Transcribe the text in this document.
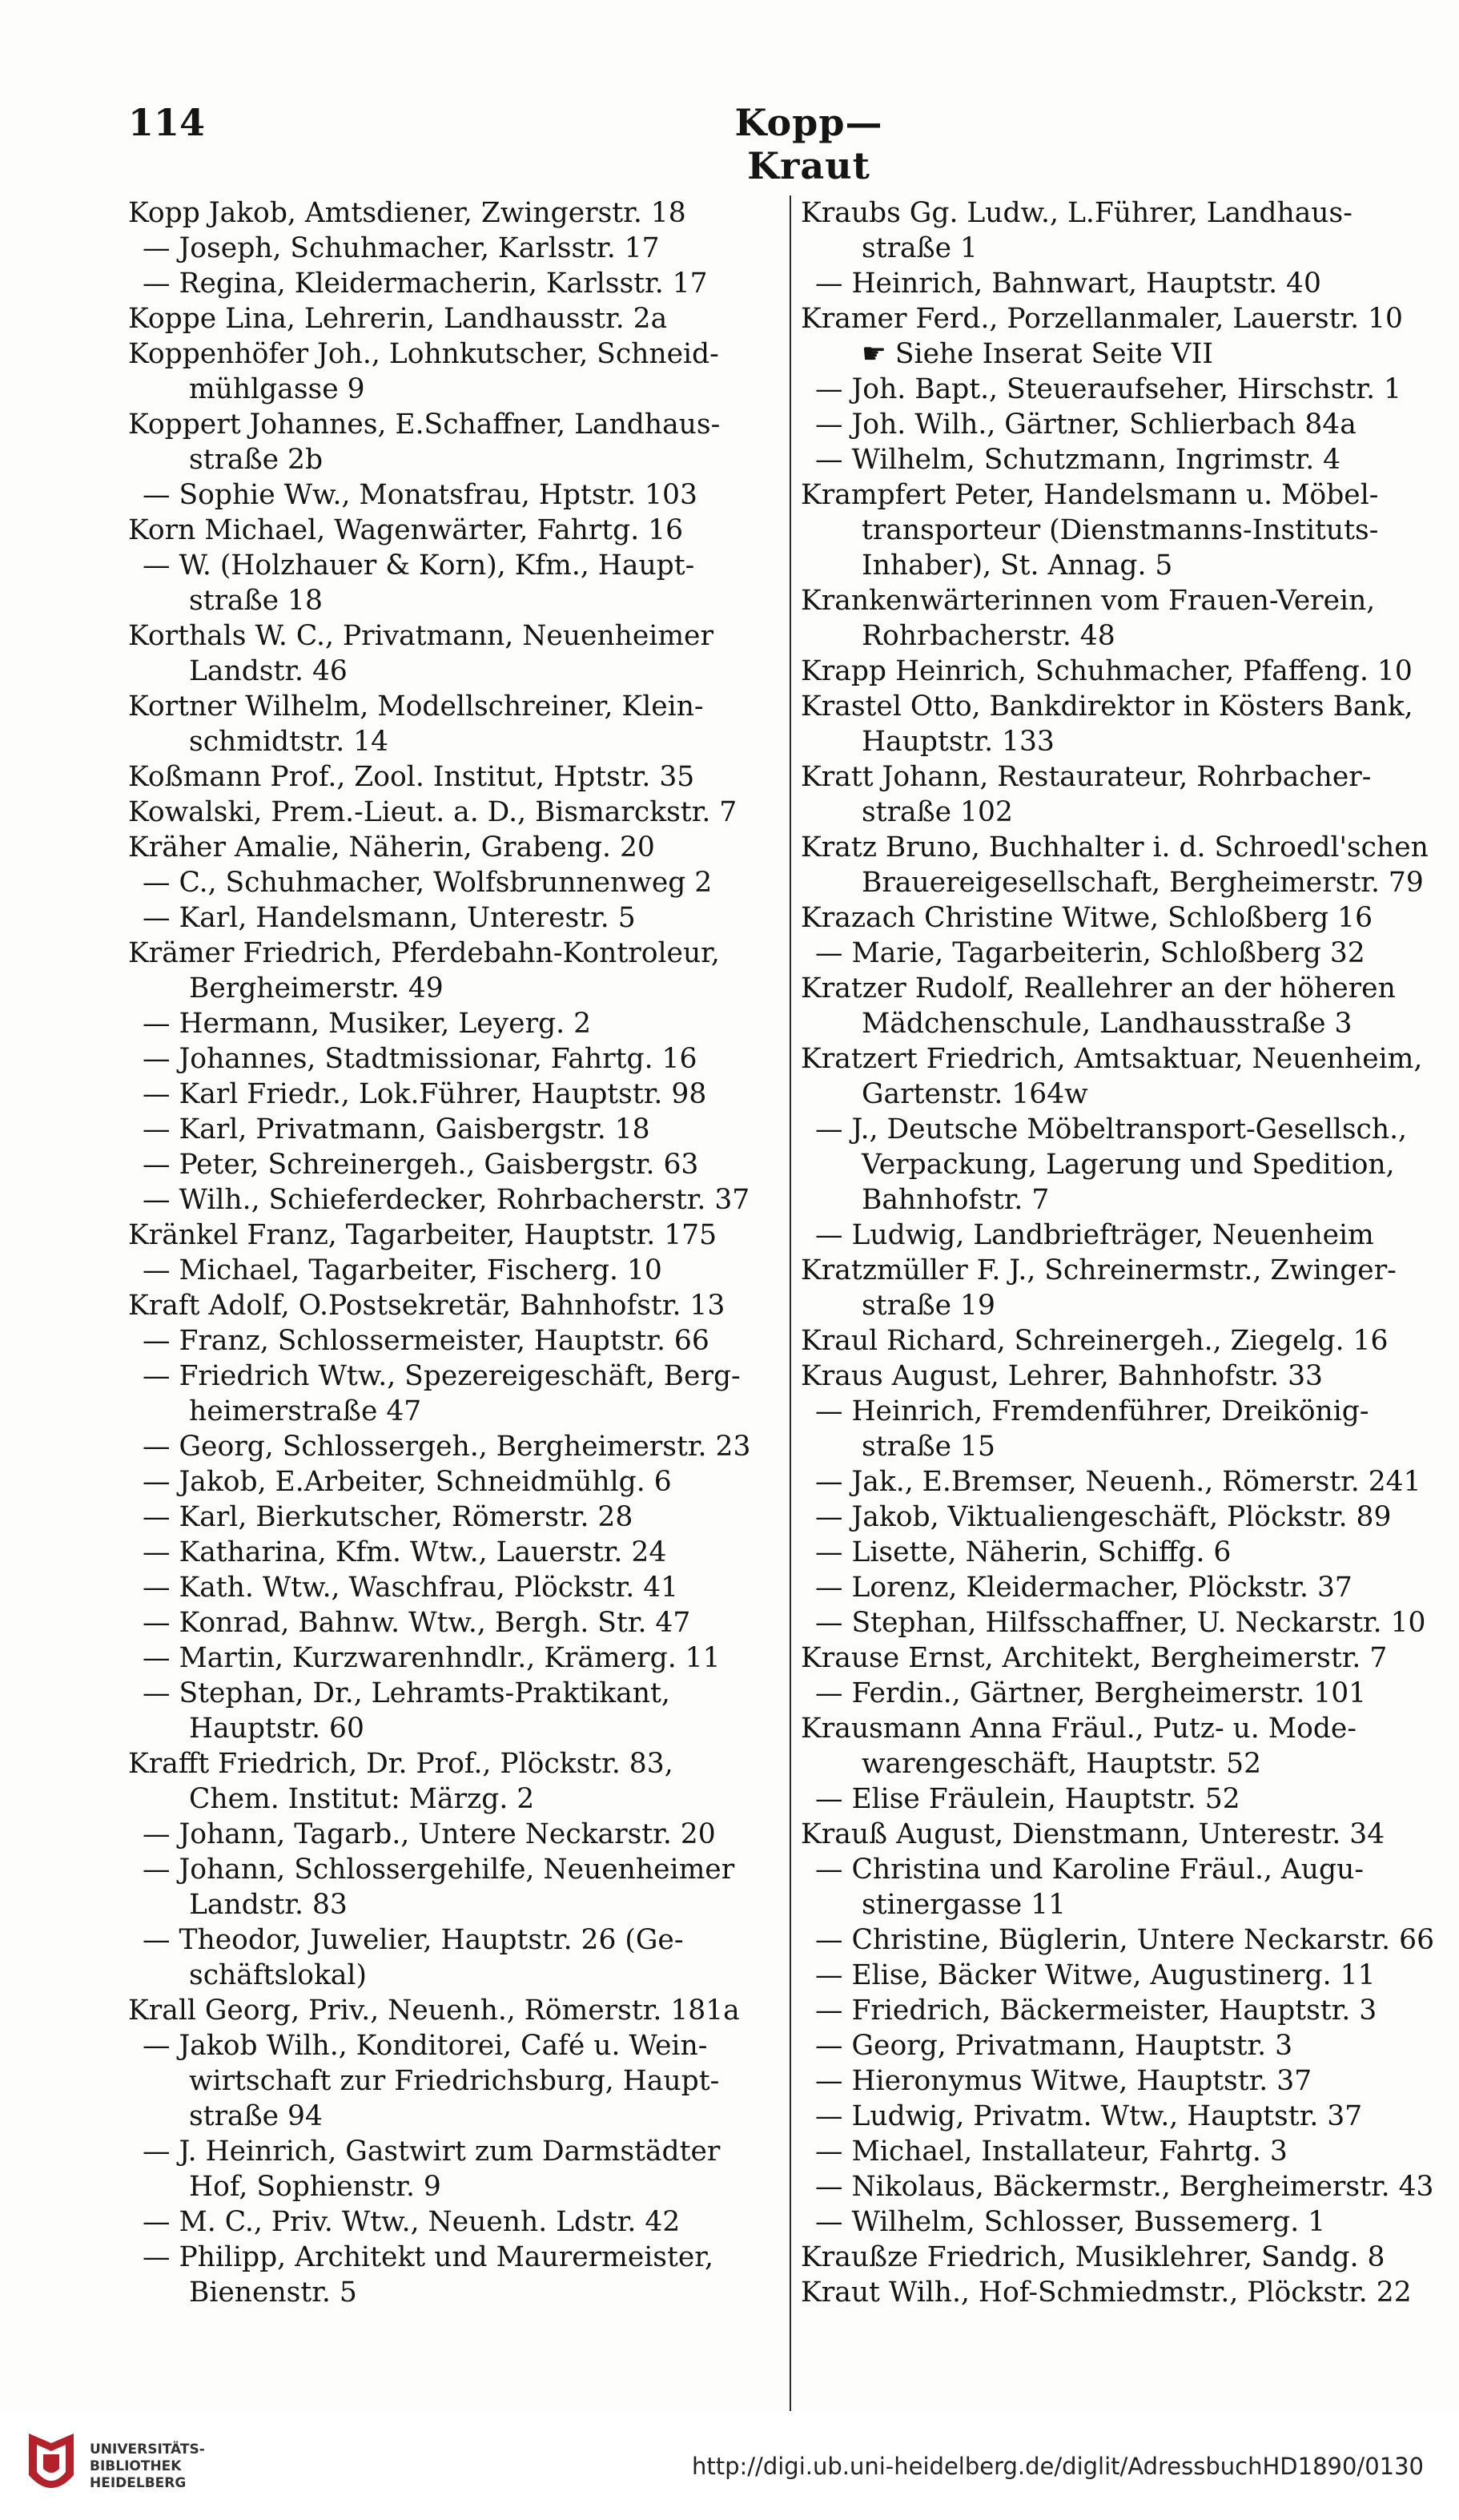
114	Kopp—Kraut
Kopp Jakob, Amtsdiener, Zwingerstr. 18
— Joseph, Schuhmacher, Karlsstr. 17
— Regina, Kleidermacherin, Karlsstr. 17
Koppe Lina, Lehrerin, Landhausstr. 2a
Koppenhöfer Joh., Lohnkutscher, Schneid-
mühlgasse 9
Koppert Johannes, E.Schaffner, Landhaus-
straße 2b
— Sophie Ww., Monatsfrau, Hptstr. 103
Korn Michael, Wagenwärter, Fahrtg. 16
— W. (Holzhauer & Korn), Kfm., Haupt-
straße 18
Korthals W. C., Privatmann, Neuenheimer
Landstr. 46
Kortner Wilhelm, Modellschreiner, Klein-
schmidtstr. 14
Koßmann Prof., Zool. Institut, Hptstr. 35
Kowalski, Prem.-Lieut. a. D., Bismarckstr. 7
Kräher Amalie, Näherin, Grabeng. 20
— C., Schuhmacher, Wolfsbrunnenweg 2
— Karl, Handelsmann, Unterestr. 5
Krämer Friedrich, Pferdebahn-Kontroleur,
Bergheimerstr. 49
— Hermann, Musiker, Leyerg. 2
— Johannes, Stadtmissionar, Fahrtg. 16
— Karl Friedr., Lok.Führer, Hauptstr. 98
— Karl, Privatmann, Gaisbergstr. 18
— Peter, Schreinergeh., Gaisbergstr. 63
— Wilh., Schieferdecker, Rohrbacherstr. 37
Kränkel Franz, Tagarbeiter, Hauptstr. 175
— Michael, Tagarbeiter, Fischerg. 10
Kraft Adolf, O.Postsekretär, Bahnhofstr. 13
— Franz, Schlossermeister, Hauptstr. 66
— Friedrich Wtw., Spezereigeschäft, Berg-
heimerstraße 47
— Georg, Schlossergeh., Bergheimerstr. 23
— Jakob, E.Arbeiter, Schneidmühlg. 6
— Karl, Bierkutscher, Römerstr. 28
— Katharina, Kfm. Wtw., Lauerstr. 24
— Kath. Wtw., Waschfrau, Plöckstr. 41
— Konrad, Bahnw. Wtw., Bergh. Str. 47
— Martin, Kurzwarenhndlr., Krämerg. 11
— Stephan, Dr., Lehramts-Praktikant,
Hauptstr. 60
Krafft Friedrich, Dr. Prof., Plöckstr. 83,
Chem. Institut: Märzg. 2
— Johann, Tagarb., Untere Neckarstr. 20
— Johann, Schlossergehilfe, Neuenheimer
Landstr. 83
— Theodor, Juwelier, Hauptstr. 26 (Ge-
schäftslokal)
Krall Georg, Priv., Neuenh., Römerstr. 181a
— Jakob Wilh., Konditorei, Café u. Wein-
wirtschaft zur Friedrichsburg, Haupt-
straße 94
— J. Heinrich, Gastwirt zum Darmstädter
Hof, Sophienstr. 9
— M. C., Priv. Wtw., Neuenh. Ldstr. 42
— Philipp, Architekt und Maurermeister,
Bienenstr. 5
Kraubs Gg. Ludw., L.Führer, Landhaus-
straße 1
— Heinrich, Bahnwart, Hauptstr. 40
Kramer Ferd., Porzellanmaler, Lauerstr. 10
☛ Siehe Inserat Seite VII
— Joh. Bapt., Steueraufseher, Hirschstr. 1
— Joh. Wilh., Gärtner, Schlierbach 84a
— Wilhelm, Schutzmann, Ingrimstr. 4
Krampfert Peter, Handelsmann u. Möbel-
transporteur (Dienstmanns-Instituts-
Inhaber), St. Annag. 5
Krankenwärterinnen vom Frauen-Verein,
Rohrbacherstr. 48
Krapp Heinrich, Schuhmacher, Pfaffeng. 10
Krastel Otto, Bankdirektor in Kösters Bank,
Hauptstr. 133
Kratt Johann, Restaurateur, Rohrbacher-
straße 102
Kratz Bruno, Buchhalter i. d. Schroedl'schen
Brauereigesellschaft, Bergheimerstr. 79
Krazach Christine Witwe, Schloßberg 16
— Marie, Tagarbeiterin, Schloßberg 32
Kratzer Rudolf, Reallehrer an der höheren
Mädchenschule, Landhausstraße 3
Kratzert Friedrich, Amtsaktuar, Neuenheim,
Gartenstr. 164w
— J., Deutsche Möbeltransport-Gesellsch.,
Verpackung, Lagerung und Spedition,
Bahnhofstr. 7
— Ludwig, Landbriefträger, Neuenheim
Kratzmüller F. J., Schreinermstr., Zwinger-
straße 19
Kraul Richard, Schreinergeh., Ziegelg. 16
Kraus August, Lehrer, Bahnhofstr. 33
— Heinrich, Fremdenführer, Dreikönig-
straße 15
— Jak., E.Bremser, Neuenh., Römerstr. 241
— Jakob, Viktualiengeschäft, Plöckstr. 89
— Lisette, Näherin, Schiffg. 6
— Lorenz, Kleidermacher, Plöckstr. 37
— Stephan, Hilfsschaffner, U. Neckarstr. 10
Krause Ernst, Architekt, Bergheimerstr. 7
— Ferdin., Gärtner, Bergheimerstr. 101
Krausmann Anna Fräul., Putz- u. Mode-
warengeschäft, Hauptstr. 52
— Elise Fräulein, Hauptstr. 52
Krauß August, Dienstmann, Unterestr. 34
— Christina und Karoline Fräul., Augu-
stinergasse 11
— Christine, Büglerin, Untere Neckarstr. 66
— Elise, Bäcker Witwe, Augustinerg. 11
— Friedrich, Bäckermeister, Hauptstr. 3
— Georg, Privatmann, Hauptstr. 3
— Hieronymus Witwe, Hauptstr. 37
— Ludwig, Privatm. Wtw., Hauptstr. 37
— Michael, Installateur, Fahrtg. 3
— Nikolaus, Bäckermstr., Bergheimerstr. 43
— Wilhelm, Schlosser, Bussemerg. 1
Kraußze Friedrich, Musiklehrer, Sandg. 8
Kraut Wilh., Hof-Schmiedmstr., Plöckstr. 22
UNIVERSITÄTS-
BIBLIOTHEK
HEIDELBERG
http://digi.ub.uni-heidelberg.de/diglit/AdressbuchHD1890/0130
